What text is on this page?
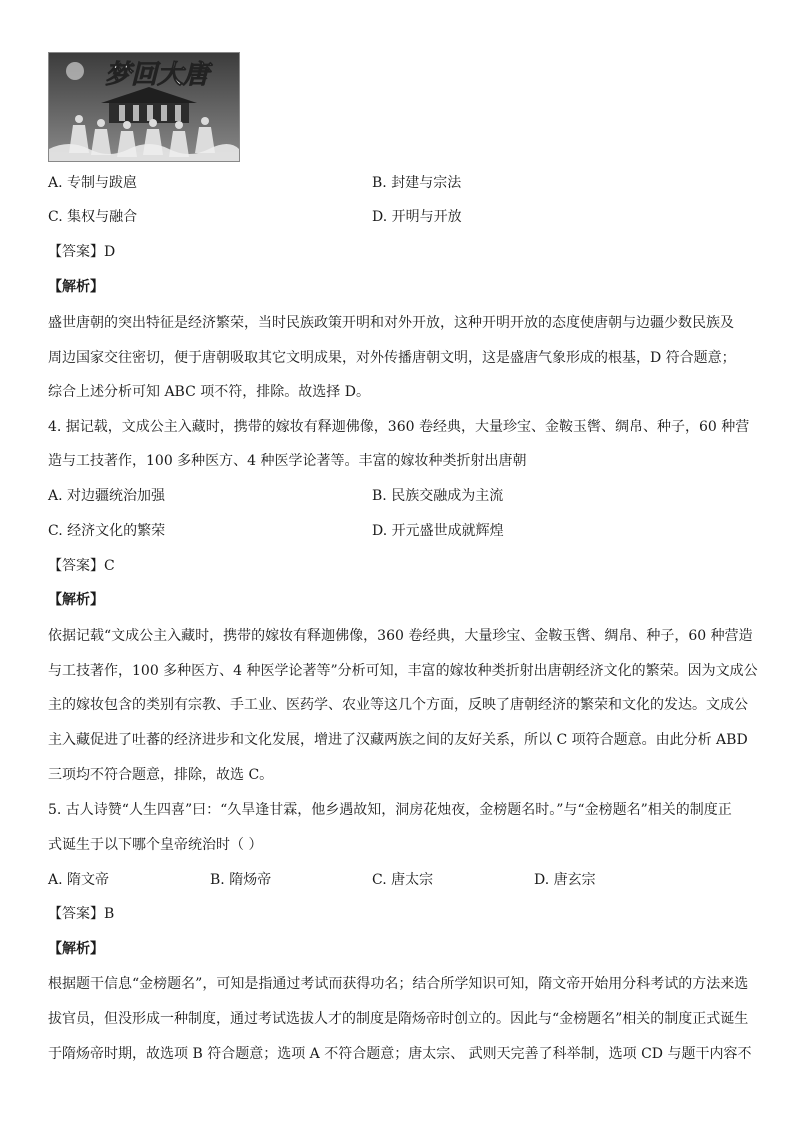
梦回大唐
A. 专制与跋扈	B. 封建与宗法
C. 集权与融合	D. 开明与开放
【答案】D
【解析】
盛世唐朝的突出特征是经济繁荣，当时民族政策开明和对外开放，这种开明开放的态度使唐朝与边疆少数民族及
周边国家交往密切，便于唐朝吸取其它文明成果，对外传播唐朝文明，这是盛唐气象形成的根基，D 符合题意；
综合上述分析可知 ABC 项不符，排除。故选择 D。
4. 据记载，文成公主入藏时，携带的嫁妆有释迦佛像，360 卷经典，大量珍宝、金鞍玉辔、绸帛、种子，60 种营
造与工技著作，100 多种医方、4 种医学论著等。丰富的嫁妆种类折射出唐朝
A. 对边疆统治加强	B. 民族交融成为主流
C. 经济文化的繁荣	D. 开元盛世成就辉煌
【答案】C
【解析】
依据记载“文成公主入藏时，携带的嫁妆有释迦佛像，360 卷经典，大量珍宝、金鞍玉辔、绸帛、种子，60 种营造
与工技著作，100 多种医方、4 种医学论著等”分析可知，丰富的嫁妆种类折射出唐朝经济文化的繁荣。因为文成公
主的嫁妆包含的类别有宗教、手工业、医药学、农业等这几个方面，反映了唐朝经济的繁荣和文化的发达。文成公
主入藏促进了吐蕃的经济进步和文化发展，增进了汉藏两族之间的友好关系，所以 C 项符合题意。由此分析 ABD
三项均不符合题意，排除，故选 C。
5. 古人诗赞“人生四喜”曰：“久旱逢甘霖，他乡遇故知，洞房花烛夜，金榜题名时。”与“金榜题名”相关的制度正
式诞生于以下哪个皇帝统治时（ ）
A. 隋文帝	B. 隋炀帝	C. 唐太宗	D. 唐玄宗
【答案】B
【解析】
根据题干信息“金榜题名”，可知是指通过考试而获得功名；结合所学知识可知，隋文帝开始用分科考试的方法来选
拔官员，但没形成一种制度，通过考试选拔人才的制度是隋炀帝时创立的。因此与“金榜题名”相关的制度正式诞生
于隋炀帝时期，故选项 B 符合题意；选项 A 不符合题意；唐太宗、 武则天完善了科举制，选项 CD 与题干内容不
